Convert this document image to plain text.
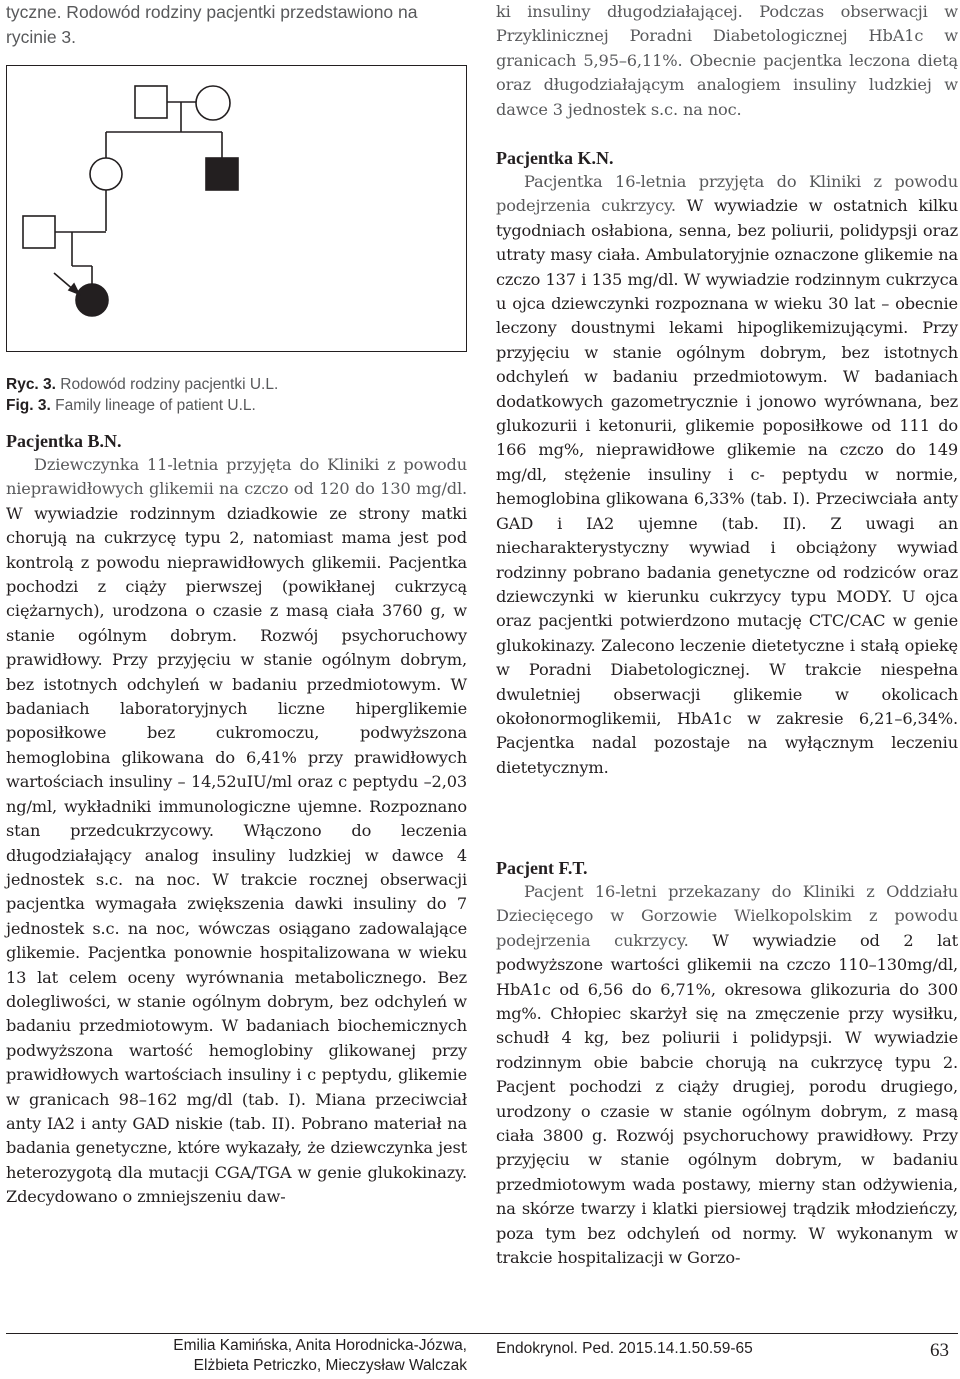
tyczne. Rodowód rodziny pacjentki przedstawiono na rycinie 3.

Ryc. 3. Rodowód rodziny pacjentki U.L.

Fig. 3. Family lineage of patient U.L.

Pacjentka B.N.

Dziewczynka 11-letnia przyjęta do Kliniki z powodu nieprawidłowych glikemii na czczo od 120 do 130 mg/dl. W wywiadzie rodzinnym dziadkowie ze strony matki chorują na cukrzycę typu 2, natomiast mama jest pod kontrolą z powodu nieprawidłowych glikemii. Pacjentka pochodzi z ciąży pierwszej (powikłanej cukrzycą ciężarnych), urodzona o czasie z masą ciała 3760 g, w stanie ogólnym dobrym. Rozwój psychoruchowy prawidłowy. Przy przyjęciu w stanie ogólnym dobrym, bez istotnych odchyleń w badaniu przedmiotowym. W badaniach laboratoryjnych liczne hiperglikemie poposiłkowe bez cukromoczu, podwyższona hemoglobina glikowana do 6,41% przy prawidłowych wartościach insuliny – 14,52uIU/ml oraz c peptydu –2,03 ng/ml, wykładniki immunologiczne ujemne. Rozpoznano stan przedcukrzycowy. Włączono do leczenia długodziałający analog insuliny ludzkiej w dawce 4 jednostek s.c. na noc. W trakcie rocznej obserwacji pacjentka wymagała zwiększenia dawki insuliny do 7 jednostek s.c. na noc, wówczas osiągano zadowalające glikemie. Pacjentka ponownie hospitalizowana w wieku 13 lat celem oceny wyrównania metabolicznego. Bez dolegliwości, w stanie ogólnym dobrym, bez odchyleń w badaniu przedmiotowym. W badaniach biochemicznych podwyższona wartość hemoglobiny glikowanej przy prawidłowych wartościach insuliny i c peptydu, glikemie w granicach 98–162 mg/dl (tab. I). Miana przeciwciał anty IA2 i anty GAD niskie (tab. II). Pobrano materiał na badania genetyczne, które wykazały, że dziewczynka jest heterozygotą dla mutacji CGA/TGA w genie glukokinazy. Zdecydowano o zmniejszeniu daw-

ki insuliny długodziałającej. Podczas obserwacji w Przyklinicznej Poradni Diabetologicznej HbA1c w granicach 5,95–6,11%. Obecnie pacjentka leczona dietą oraz długodziałającym analogiem insuliny ludzkiej w dawce 3 jednostek s.c. na noc.

Pacjentka K.N.

Pacjentka 16-letnia przyjęta do Kliniki z powodu podejrzenia cukrzycy. W wywiadzie w ostatnich kilku tygodniach osłabiona, senna, bez poliurii, polidypsji oraz utraty masy ciała. Ambulatoryjnie oznaczone glikemie na czczo 137 i 135 mg/dl. W wywiadzie rodzinnym cukrzyca u ojca dziewczynki rozpoznana w wieku 30 lat – obecnie leczony doustnymi lekami hipoglikemizującymi. Przy przyjęciu w stanie ogólnym dobrym, bez istotnych odchyleń w badaniu przedmiotowym. W badaniach dodatkowych gazometrycznie i jonowo wyrównana, bez glukozurii i ketonurii, glikemie poposiłkowe od 111 do 166 mg%, nieprawidłowe glikemie na czczo do 149 mg/dl, stężenie insuliny i c- peptydu w normie, hemoglobina glikowana 6,33% (tab. I). Przeciwciała anty GAD i IA2 ujemne (tab. II). Z uwagi an niecharakterystyczny wywiad i obciążony wywiad rodzinny pobrano badania genetyczne od rodziców oraz dziewczynki w kierunku cukrzycy typu MODY. U ojca oraz pacjentki potwierdzono mutację CTC/CAC w genie glukokinazy. Zalecono leczenie dietetyczne i stałą opiekę w Poradni Diabetologicznej. W trakcie niespełna dwuletniej obserwacji glikemie w okolicach okołonormoglikemii, HbA1c w zakresie 6,21–6,34%. Pacjentka nadal pozostaje na wyłącznym leczeniu dietetycznym.

Pacjent F.T.

Pacjent 16-letni przekazany do Kliniki z Oddziału Dziecięcego w Gorzowie Wielkopolskim z powodu podejrzenia cukrzycy. W wywiadzie od 2 lat podwyższone wartości glikemii na czczo 110–130mg/dl, HbA1c od 6,56 do 6,71%, okresowa glikozuria do 300 mg%. Chłopiec skarżył się na zmęczenie przy wysiłku, schudł 4 kg, bez poliurii i polidypsji. W wywiadzie rodzinnym obie babcie chorują na cukrzycę typu 2. Pacjent pochodzi z ciąży drugiej, porodu drugiego, urodzony o czasie w stanie ogólnym dobrym, z masą ciała 3800 g. Rozwój psychoruchowy prawidłowy. Przy przyjęciu w stanie ogólnym dobrym, w badaniu przedmiotowym wada postawy, mierny stan odżywienia, na skórze twarzy i klatki piersiowej trądzik młodzieńczy, poza tym bez odchyleń od normy. W wykonanym w trakcie hospitalizacji w Gorzo-

Emilia Kamińska, Anita Horodnicka-Józwa,
Elżbieta Petriczko, Mieczysław Walczak
Endokrynol. Ped. 2015.14.1.50.59-65	63
